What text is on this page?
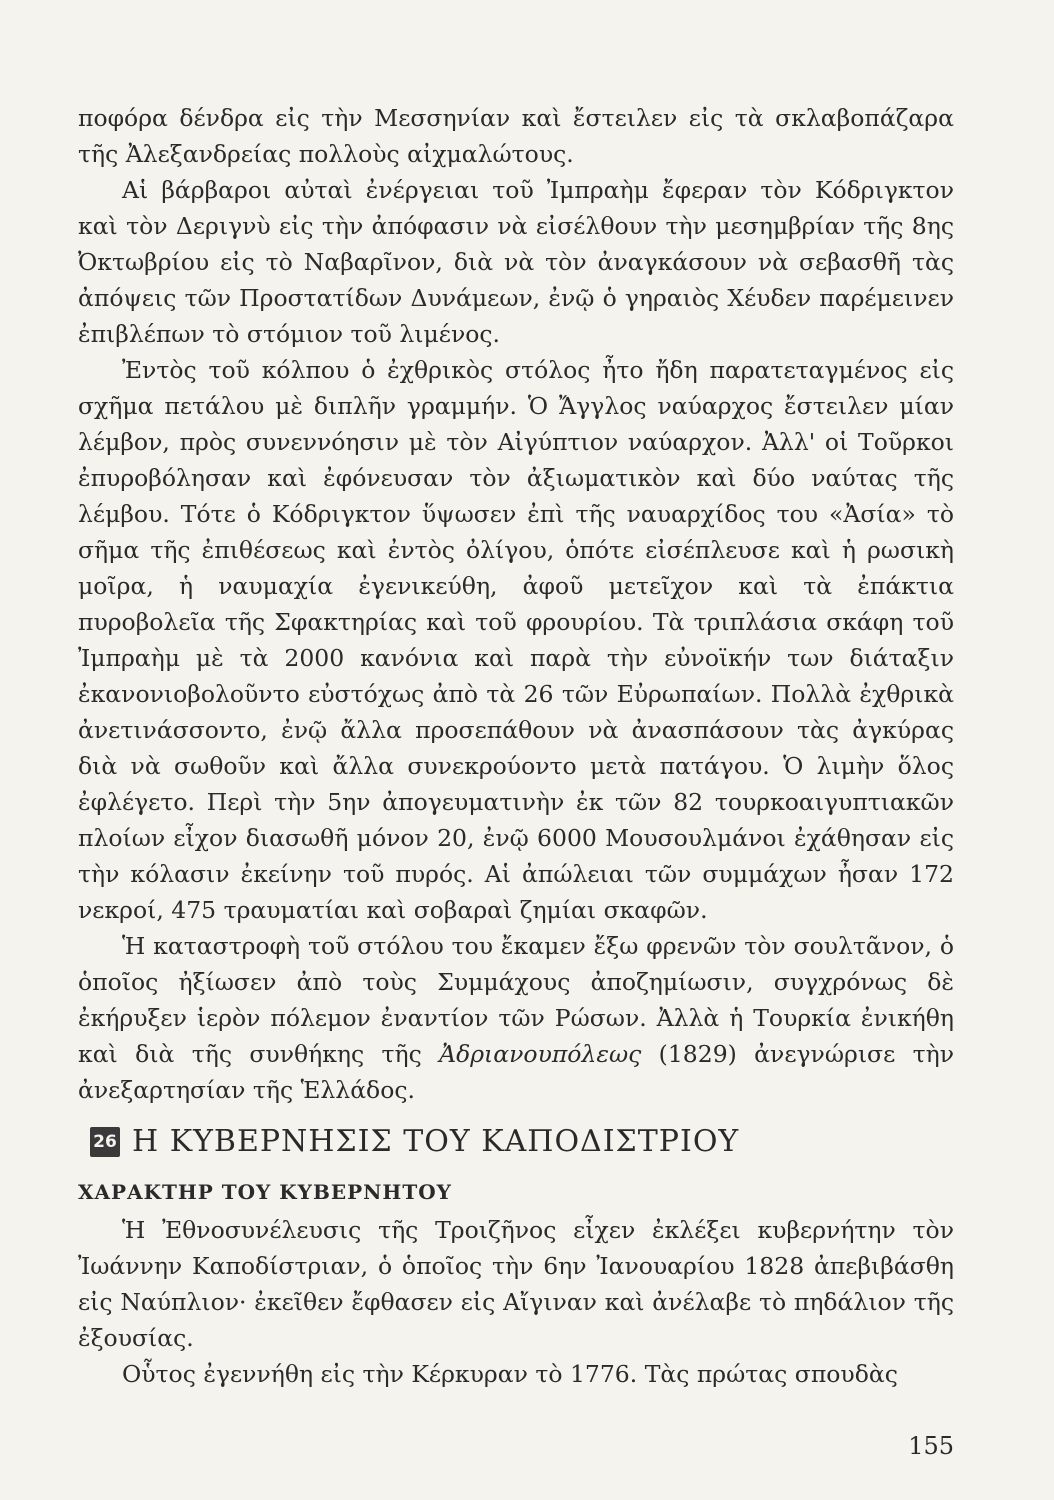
ποφόρα δένδρα εἰς τὴν Μεσσηνίαν καὶ ἔστειλεν εἰς τὰ σκλαβοπάζαρα τῆς Ἀλεξανδρείας πολλοὺς αἰχμαλώτους.

Αἱ βάρβαροι αὐταὶ ἐνέργειαι τοῦ Ἰμπραὴμ ἔφεραν τὸν Κόδριγκτον καὶ τὸν Δεριγνὺ εἰς τὴν ἀπόφασιν νὰ εἰσέλθουν τὴν μεσημβρίαν τῆς 8ης Ὀκτωβρίου εἰς τὸ Ναβαρῖνον, διὰ νὰ τὸν ἀναγκάσουν νὰ σεβασθῆ τὰς ἀπόψεις τῶν Προστατίδων Δυνάμεων, ἐνῷ ὁ γηραιὸς Χέυδεν παρέμεινεν ἐπιβλέπων τὸ στόμιον τοῦ λιμένος.

Ἐντὸς τοῦ κόλπου ὁ ἐχθρικὸς στόλος ἦτο ἤδη παρατεταγμένος εἰς σχῆμα πετάλου μὲ διπλῆν γραμμήν. Ὁ Ἄγγλος ναύαρχος ἔστειλεν μίαν λέμβον, πρὸς συνεννόησιν μὲ τὸν Αἰγύπτιον ναύαρχον. Ἀλλ' οἱ Τοῦρκοι ἐπυροβόλησαν καὶ ἐφόνευσαν τὸν ἀξιωματικὸν καὶ δύο ναύτας τῆς λέμβου. Τότε ὁ Κόδριγκτον ὕψωσεν ἐπὶ τῆς ναυαρχίδος του «Ἀσία» τὸ σῆμα τῆς ἐπιθέσεως καὶ ἐντὸς ὀλίγου, ὁπότε εἰσέπλευσε καὶ ἡ ρωσικὴ μοῖρα, ἡ ναυμαχία ἐγενικεύθη, ἀφοῦ μετεῖχον καὶ τὰ ἐπάκτια πυροβολεῖα τῆς Σφακτηρίας καὶ τοῦ φρουρίου. Τὰ τριπλάσια σκάφη τοῦ Ἰμπραὴμ μὲ τὰ 2000 κανόνια καὶ παρὰ τὴν εὐνοϊκήν των διάταξιν ἐκανονιοβολοῦντο εὐστόχως ἀπὸ τὰ 26 τῶν Εὐρωπαίων. Πολλὰ ἐχθρικὰ ἀνετινάσσοντο, ἐνῷ ἄλλα προσεπάθουν νὰ ἀνασπάσουν τὰς ἀγκύρας διὰ νὰ σωθοῦν καὶ ἄλλα συνεκρούοντο μετὰ πατάγου. Ὁ λιμὴν ὅλος ἐφλέγετο. Περὶ τὴν 5ην ἀπογευματινὴν ἐκ τῶν 82 τουρκοαιγυπτιακῶν πλοίων εἶχον διασωθῆ μόνον 20, ἐνῷ 6000 Μουσουλμάνοι ἐχάθησαν εἰς τὴν κόλασιν ἐκείνην τοῦ πυρός. Αἱ ἀπώλειαι τῶν συμμάχων ἦσαν 172 νεκροί, 475 τραυματίαι καὶ σοβαραὶ ζημίαι σκαφῶν.

Ἡ καταστροφὴ τοῦ στόλου του ἔκαμεν ἔξω φρενῶν τὸν σουλτᾶνον, ὁ ὁποῖος ἠξίωσεν ἀπὸ τοὺς Συμμάχους ἀποζημίωσιν, συγχρόνως δὲ ἐκήρυξεν ἱερὸν πόλεμον ἐναντίον τῶν Ρώσων. Ἀλλὰ ἡ Τουρκία ἐνικήθη καὶ διὰ τῆς συνθήκης τῆς Ἀδριανουπόλεως (1829) ἀνεγνώρισε τὴν ἀνεξαρτησίαν τῆς Ἑλλάδος.

26 Η ΚΥΒΕΡΝΗΣΙΣ ΤΟΥ ΚΑΠΟΔΙΣΤΡΙΟΥ
ΧΑΡΑΚΤΗΡ ΤΟΥ ΚΥΒΕΡΝΗΤΟΥ

Ἡ Ἐθνοσυνέλευσις τῆς Τροιζῆνος εἶχεν ἐκλέξει κυβερνήτην τὸν Ἰωάννην Καποδίστριαν, ὁ ὁποῖος τὴν 6ην Ἰανουαρίου 1828 ἀπεβιβάσθη εἰς Ναύπλιον· ἐκεῖθεν ἔφθασεν εἰς Αἴγιναν καὶ ἀνέλαβε τὸ πηδάλιον τῆς ἐξουσίας.

Οὗτος ἐγεννήθη εἰς τὴν Κέρκυραν τὸ 1776. Τὰς πρώτας σπουδὰς

155
